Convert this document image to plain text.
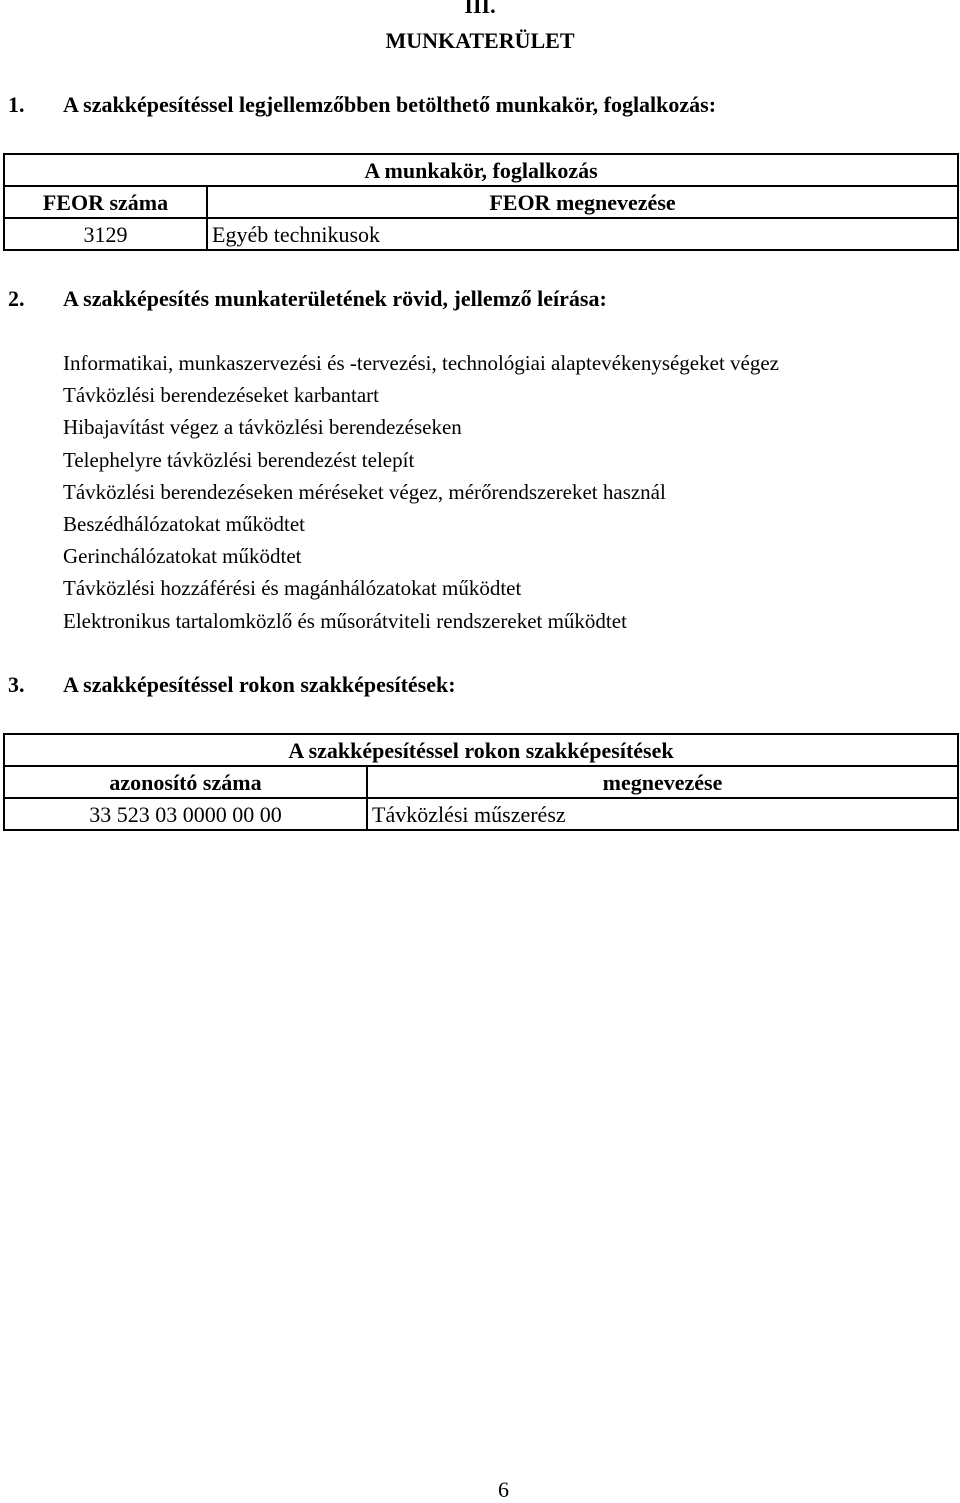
III.
MUNKATERÜLET
1. A szakképesítéssel legjellemzőbben betölthető munkakör, foglalkozás:
A munkakör, foglalkozás	
FEOR száma	FEOR megnevezése
3129	Egyéb technikusok
2. A szakképesítés munkaterületének rövid, jellemző leírása:
Informatikai, munkaszervezési és -tervezési, technológiai alaptevékenységeket végez
Távközlési berendezéseket karbantart
Hibajavítást végez a távközlési berendezéseken
Telephelyre távközlési berendezést telepít
Távközlési berendezéseken méréseket végez, mérőrendszereket használ
Beszédhálózatokat működtet
Gerinchálózatokat működtet
Távközlési hozzáférési és magánhálózatokat működtet
Elektronikus tartalomközlő és műsorátviteli rendszereket működtet
3. A szakképesítéssel rokon szakképesítések:
A szakképesítéssel rokon szakképesítések	
azonosító száma	megnevezése
33 523 03 0000 00 00	Távközlési műszerész
6
